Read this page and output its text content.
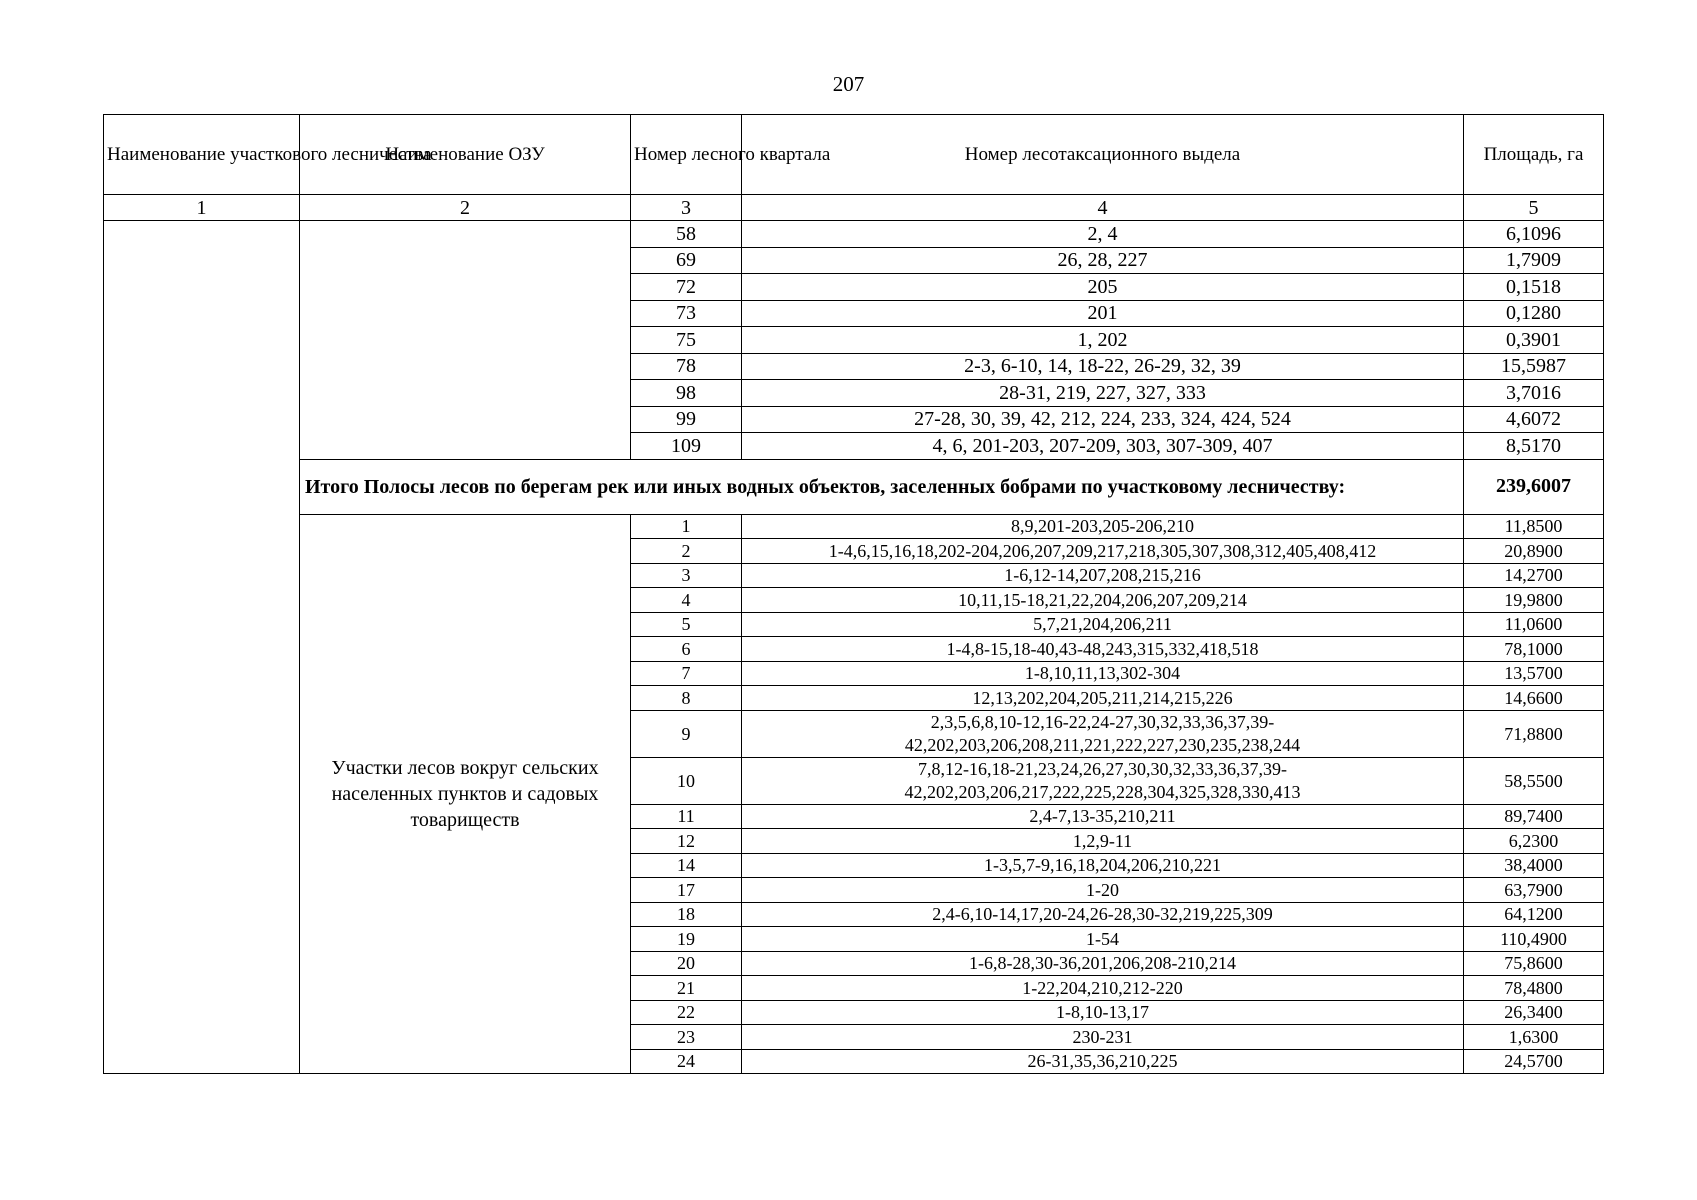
207
Наименование участкового лесничества	Наименование ОЗУ	Номер лесного квартала	Номер лесотаксационного выдела	Площадь, га
1	2	3	4	5
		58	2, 4	6,1096
		69	26, 28, 227	1,7909
		72	205	0,1518
		73	201	0,1280
		75	1, 202	0,3901
		78	2-3, 6-10, 14, 18-22, 26-29, 32, 39	15,5987
		98	28-31, 219, 227, 327, 333	3,7016
		99	27-28, 30, 39, 42, 212, 224, 233, 324, 424, 524	4,6072
		109	4, 6, 201-203, 207-209, 303, 307-309, 407	8,5170
	Итого Полосы лесов по берегам рек или иных водных объектов, заселенных бобрами по участковому лесничеству:			239,6007
	Участки лесов вокруг сельских населенных пунктов и садовых товариществ	1	8,9,201-203,205-206,210	11,8500
		2	1-4,6,15,16,18,202-204,206,207,209,217,218,305,307,308,312,405,408,412	20,8900
		3	1-6,12-14,207,208,215,216	14,2700
		4	10,11,15-18,21,22,204,206,207,209,214	19,9800
		5	5,7,21,204,206,211	11,0600
		6	1-4,8-15,18-40,43-48,243,315,332,418,518	78,1000
		7	1-8,10,11,13,302-304	13,5700
		8	12,13,202,204,205,211,214,215,226	14,6600
		9	2,3,5,6,8,10-12,16-22,24-27,30,32,33,36,37,39-42,202,203,206,208,211,221,222,227,230,235,238,244	71,8800
		10	7,8,12-16,18-21,23,24,26,27,30,30,32,33,36,37,39-42,202,203,206,217,222,225,228,304,325,328,330,413	58,5500
		11	2,4-7,13-35,210,211	89,7400
		12	1,2,9-11	6,2300
		14	1-3,5,7-9,16,18,204,206,210,221	38,4000
		17	1-20	63,7900
		18	2,4-6,10-14,17,20-24,26-28,30-32,219,225,309	64,1200
		19	1-54	110,4900
		20	1-6,8-28,30-36,201,206,208-210,214	75,8600
		21	1-22,204,210,212-220	78,4800
		22	1-8,10-13,17	26,3400
		23	230-231	1,6300
		24	26-31,35,36,210,225	24,5700
